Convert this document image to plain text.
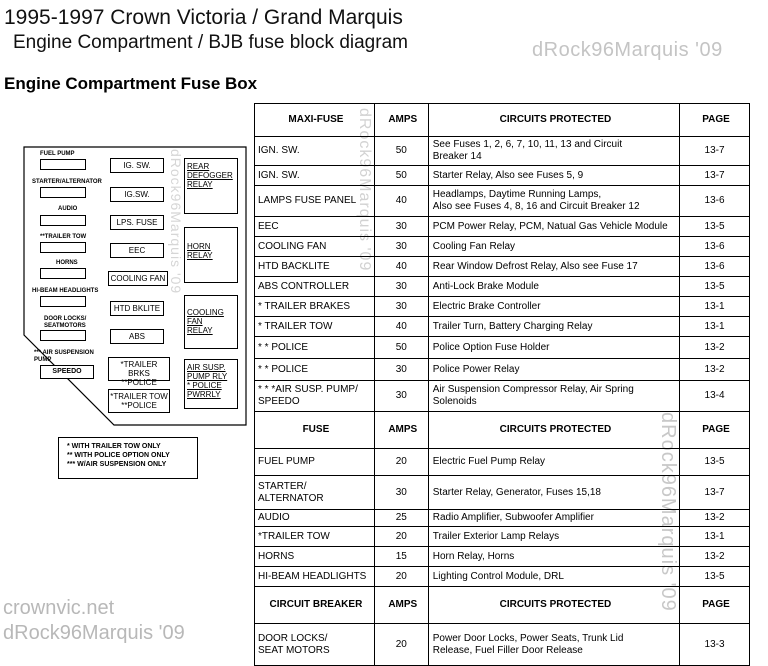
1995-1997 Crown Victoria / Grand Marquis
Engine Compartment / BJB fuse block diagram	dRock96Marquis '09
Engine Compartment Fuse Box
dRock96Marquis '09
dRock96Marquis '09
FUEL PUMP
STARTER/ALTERNATOR
AUDIO
**TRAILER TOW
HORNS
HI-BEAM HEADLIGHTS
DOOR LOCKS/
SEATMOTORS
*** AIR SUSPENSION
PUMP
SPEEDO
IG. SW.
IG.SW.
LPS. FUSE
EEC
COOLING FAN
HTD BKLITE
ABS
*TRAILER BRKS
**POLICE
*TRAILER TOW
**POLICE
REAR
DEFOGGER
RELAY
HORN
RELAY
COOLING
FAN
RELAY
AIR SUSP.
PUMP RLY
* POLICE
PWRRLY
dRock96Marquis '09
* WITH TRAILER TOW ONLY
** WITH POLICE OPTION ONLY
*** W/AIR SUSPENSION ONLY
MAXI-FUSE	AMPS	CIRCUITS PROTECTED	PAGE
IGN. SW.	50	See Fuses 1, 2, 6, 7, 10, 11, 13 and Circuit
Breaker 14	13-7
IGN. SW.	50	Starter Relay, Also see Fuses 5, 9	13-7
LAMPS FUSE PANEL	40	Headlamps, Daytime Running Lamps,
Also see Fuses 4, 8, 16 and Circuit Breaker 12	13-6
EEC	30	PCM Power Relay, PCM, Natual Gas Vehicle Module	13-5
COOLING FAN	30	Cooling Fan Relay	13-6
HTD BACKLITE	40	Rear Window Defrost Relay, Also see Fuse 17	13-6
ABS CONTROLLER	30	Anti-Lock Brake Module	13-5
* TRAILER BRAKES	30	Electric Brake Controller	13-1
* TRAILER TOW	40	Trailer Turn, Battery Charging Relay	13-1
* * POLICE	50	Police Option Fuse Holder	13-2
* * POLICE	30	Police Power Relay	13-2
* * *AIR SUSP. PUMP/
SPEEDO	30	Air Suspension Compressor Relay, Air Spring
Solenoids	13-4
FUSE	AMPS	CIRCUITS PROTECTED	PAGE
FUEL PUMP	20	Electric Fuel Pump Relay	13-5
STARTER/
ALTERNATOR	30	Starter Relay, Generator, Fuses 15,18	13-7
AUDIO	25	Radio Amplifier, Subwoofer Amplifier	13-2
*TRAILER TOW	20	Trailer Exterior Lamp Relays	13-1
HORNS	15	Horn Relay, Horns	13-2
HI-BEAM HEADLIGHTS	20	Lighting Control Module, DRL	13-5
CIRCUIT BREAKER	AMPS	CIRCUITS PROTECTED	PAGE
DOOR LOCKS/
SEAT MOTORS	20	Power Door Locks, Power Seats, Trunk Lid
Release, Fuel Filler Door Release	13-3
crownvic.net
dRock96Marquis '09
